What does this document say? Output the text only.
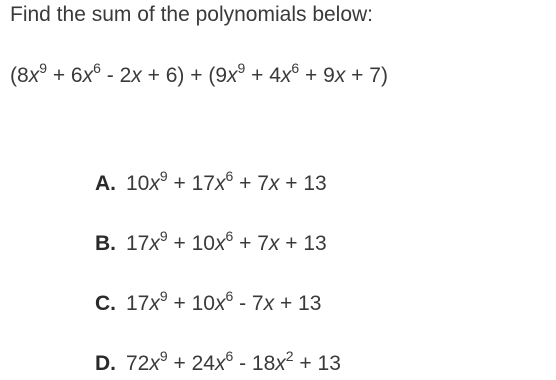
Find the sum of the polynomials below:
$(8x^9 + 6x^6 - 2x + 6) + (9x^9 + 4x^6 + 9x + 7)$
A. $10x^9 + 17x^6 + 7x + 13$
B. $17x^9 + 10x^6 + 7x + 13$
C. $17x^9 + 10x^6 - 7x + 13$
D. $72x^9 + 24x^6 - 18x^2 + 13$
